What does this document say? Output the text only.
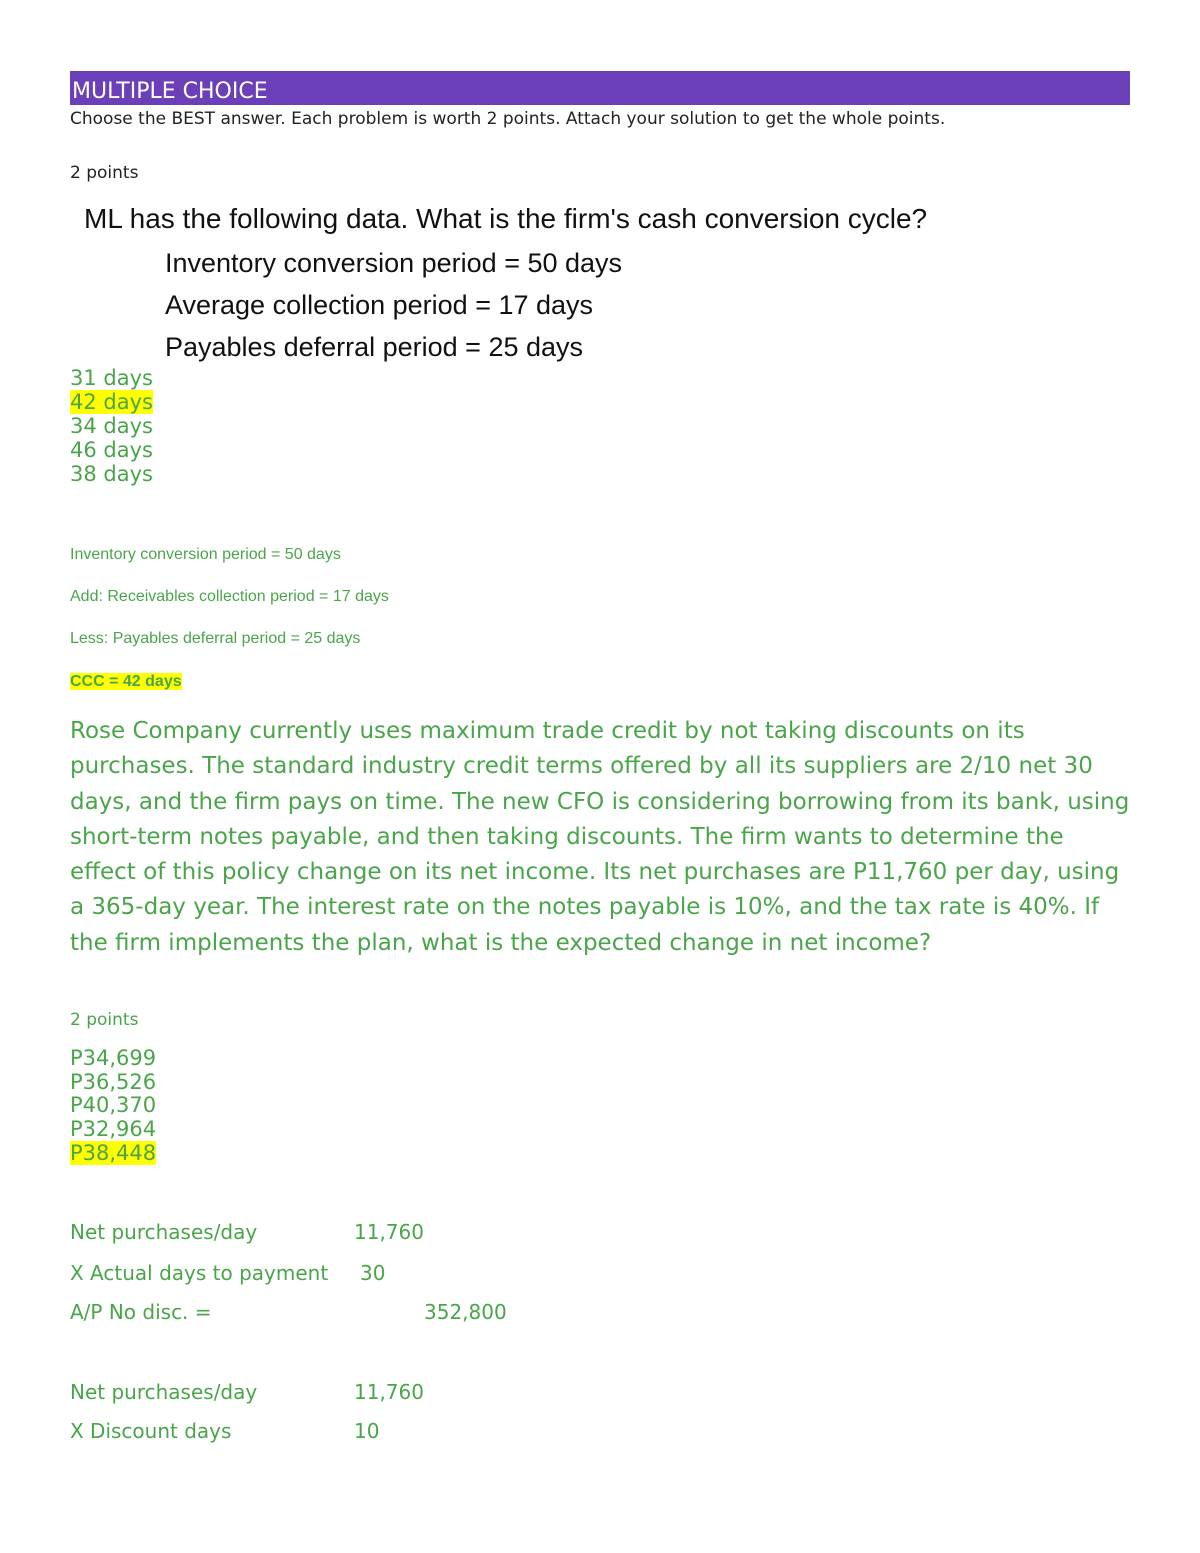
MULTIPLE CHOICE
Choose the BEST answer. Each problem is worth 2 points. Attach your solution to get the whole points.
2 points
ML has the following data. What is the firm's cash conversion cycle?
Inventory conversion period = 50 days
Average collection period = 17 days
Payables deferral period = 25 days
31 days
42 days
34 days
46 days
38 days
Inventory conversion period = 50 days
Add: Receivables collection period = 17 days
Less: Payables deferral period = 25 days
CCC = 42 days
Rose Company currently uses maximum trade credit by not taking discounts on its purchases. The standard industry credit terms offered by all its suppliers are 2/10 net 30 days, and the firm pays on time. The new CFO is considering borrowing from its bank, using short-term notes payable, and then taking discounts. The firm wants to determine the effect of this policy change on its net income. Its net purchases are P11,760 per day, using a 365-day year. The interest rate on the notes payable is 10%, and the tax rate is 40%. If the firm implements the plan, what is the expected change in net income?
2 points
P34,699
P36,526
P40,370
P32,964
P38,448
Net purchases/day	11,760
X Actual days to payment 30
A/P No disc. =	352,800
Net purchases/day	11,760
X Discount days	10
